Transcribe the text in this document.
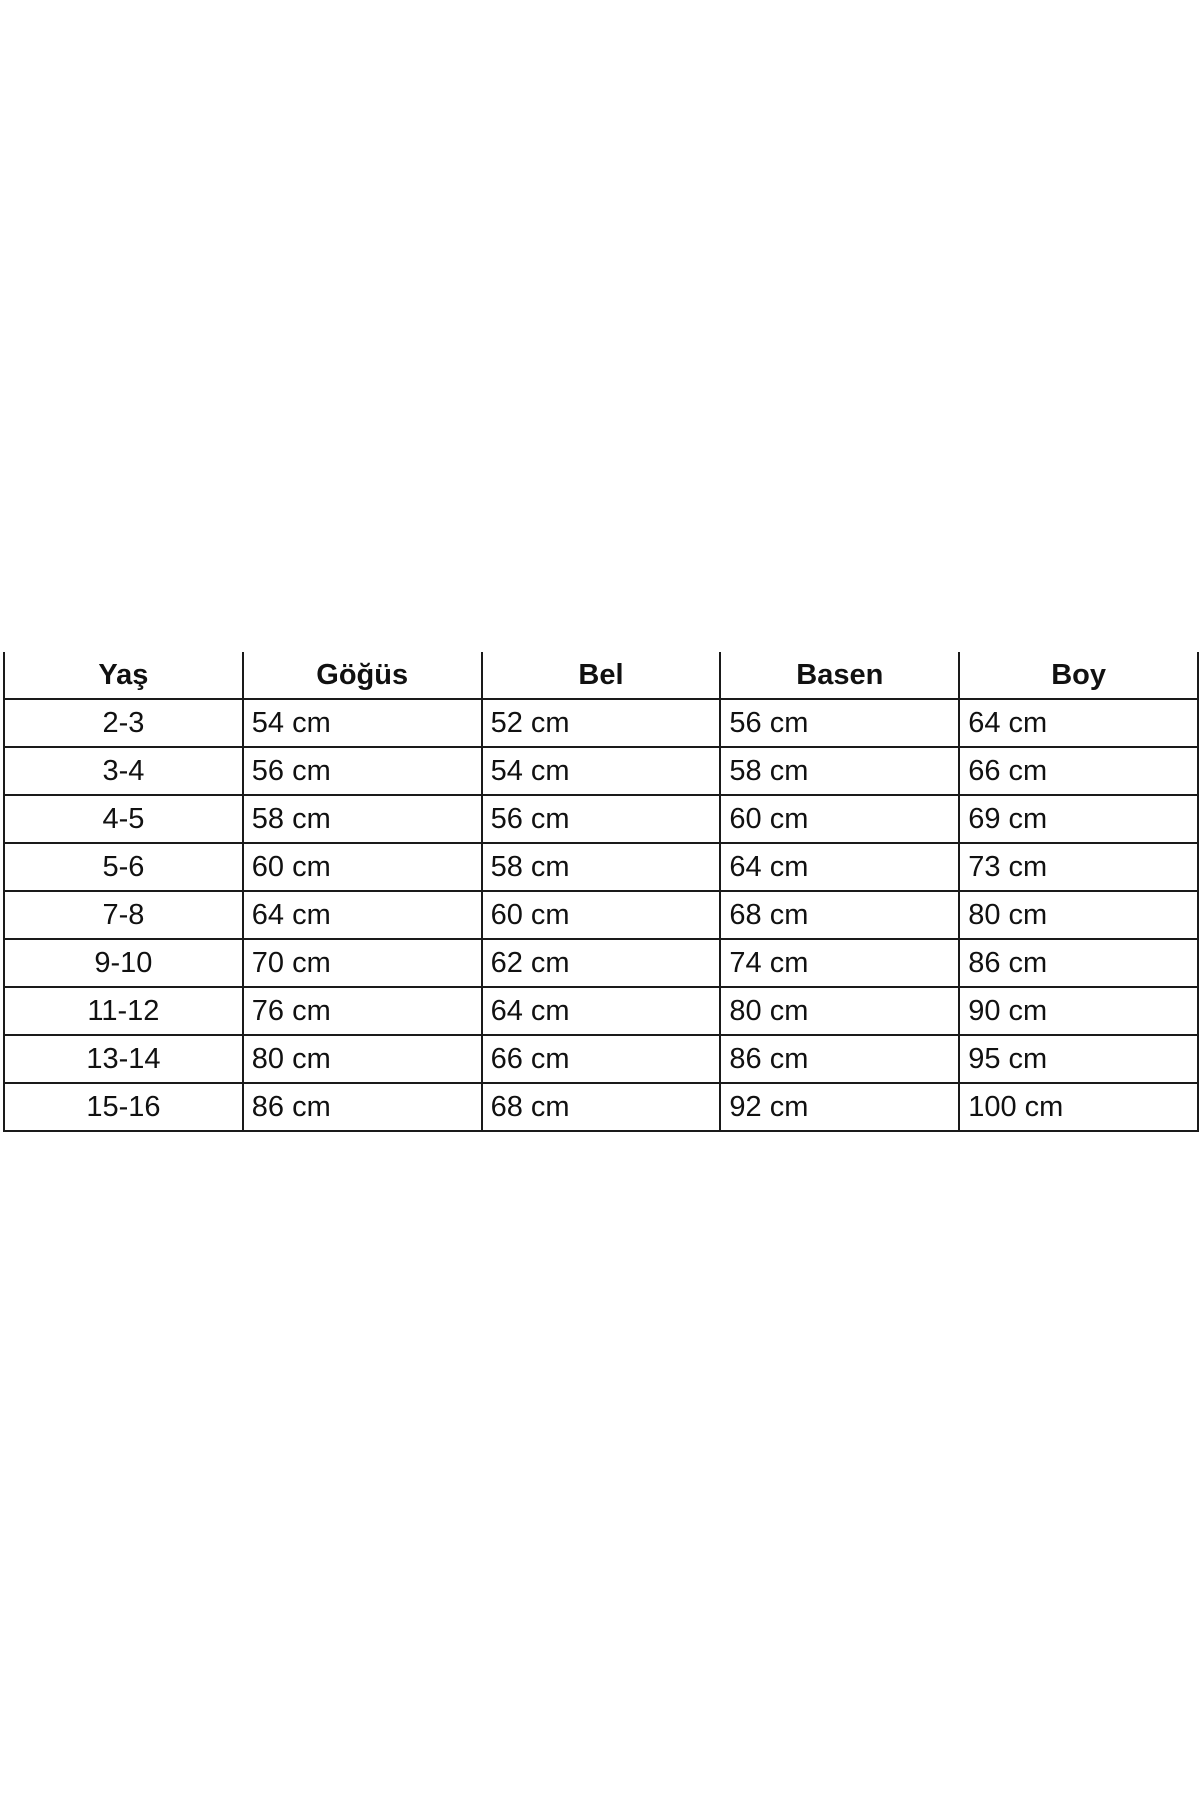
Yaş	Göğüs	Bel	Basen	Boy
2-3	54 cm	52 cm	56 cm	64 cm
3-4	56 cm	54 cm	58 cm	66 cm
4-5	58 cm	56 cm	60 cm	69 cm
5-6	60 cm	58 cm	64 cm	73 cm
7-8	64 cm	60 cm	68 cm	80 cm
9-10	70 cm	62 cm	74 cm	86 cm
11-12	76 cm	64 cm	80 cm	90 cm
13-14	80 cm	66 cm	86 cm	95 cm
15-16	86 cm	68 cm	92 cm	100 cm
